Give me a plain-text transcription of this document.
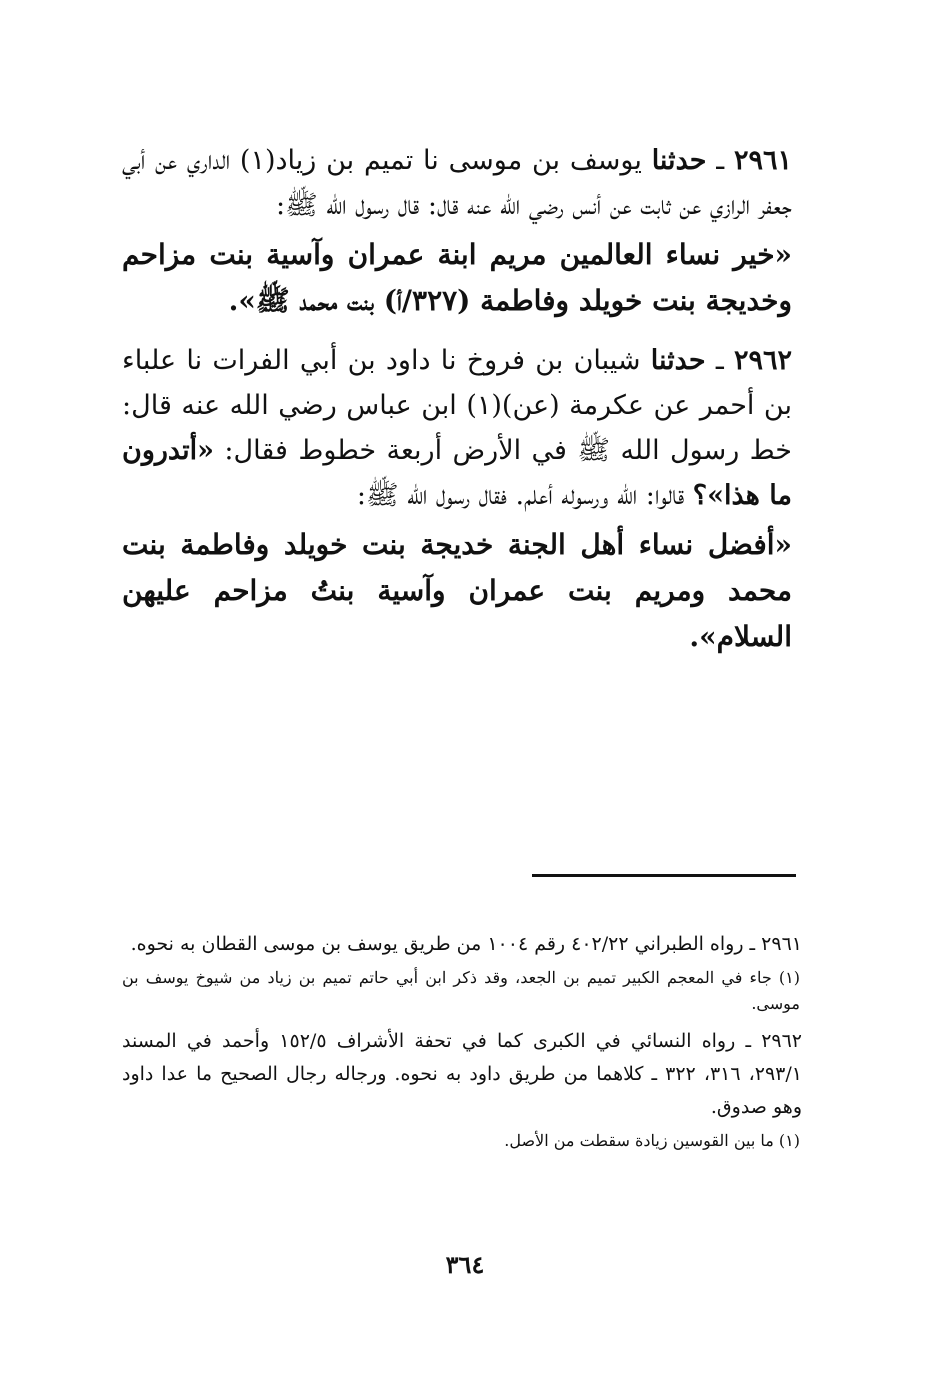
٢٩٦١ ـ حدثنا يوسف بن موسى نا تميم بن زياد(١) الداري عن أبي جعفر الرازي عن ثابت عن أنس رضي الله عنه قال: قال رسول الله ﷺ:

«خير نساء العالمين مريم ابنة عمران وآسية بنت مزاحم وخديجة بنت خويلد وفاطمة (٣٢٧/أ) بنت محمد ﷺ».

٢٩٦٢ ـ حدثنا شيبان بن فروخ نا داود بن أبي الفرات نا علباء بن أحمر عن عكرمة (عن)(١) ابن عباس رضي الله عنه قال: خط رسول الله ﷺ في الأرض أربعة خطوط فقال: «أتدرون ما هذا»؟ قالوا: الله ورسوله أعلم. فقال رسول الله ﷺ:

«أفضل نساء أهل الجنة خديجة بنت خويلد وفاطمة بنت محمد ومريم بنت عمران وآسية بنتُ مزاحم عليهن السلام».

٢٩٦١ ـ رواه الطبراني ٤٠٢/٢٢ رقم ١٠٠٤ من طريق يوسف بن موسى القطان به نحوه.

(١) جاء في المعجم الكبير تميم بن الجعد، وقد ذكر ابن أبي حاتم تميم بن زياد من شيوخ يوسف بن موسى.

٢٩٦٢ ـ رواه النسائي في الكبرى كما في تحفة الأشراف ١٥٢/٥ وأحمد في المسند ٢٩٣/١، ٣١٦، ٣٢٢ ـ كلاهما من طريق داود به نحوه. ورجاله رجال الصحيح ما عدا داود وهو صدوق.

(١) ما بين القوسين زيادة سقطت من الأصل.

٣٦٤
